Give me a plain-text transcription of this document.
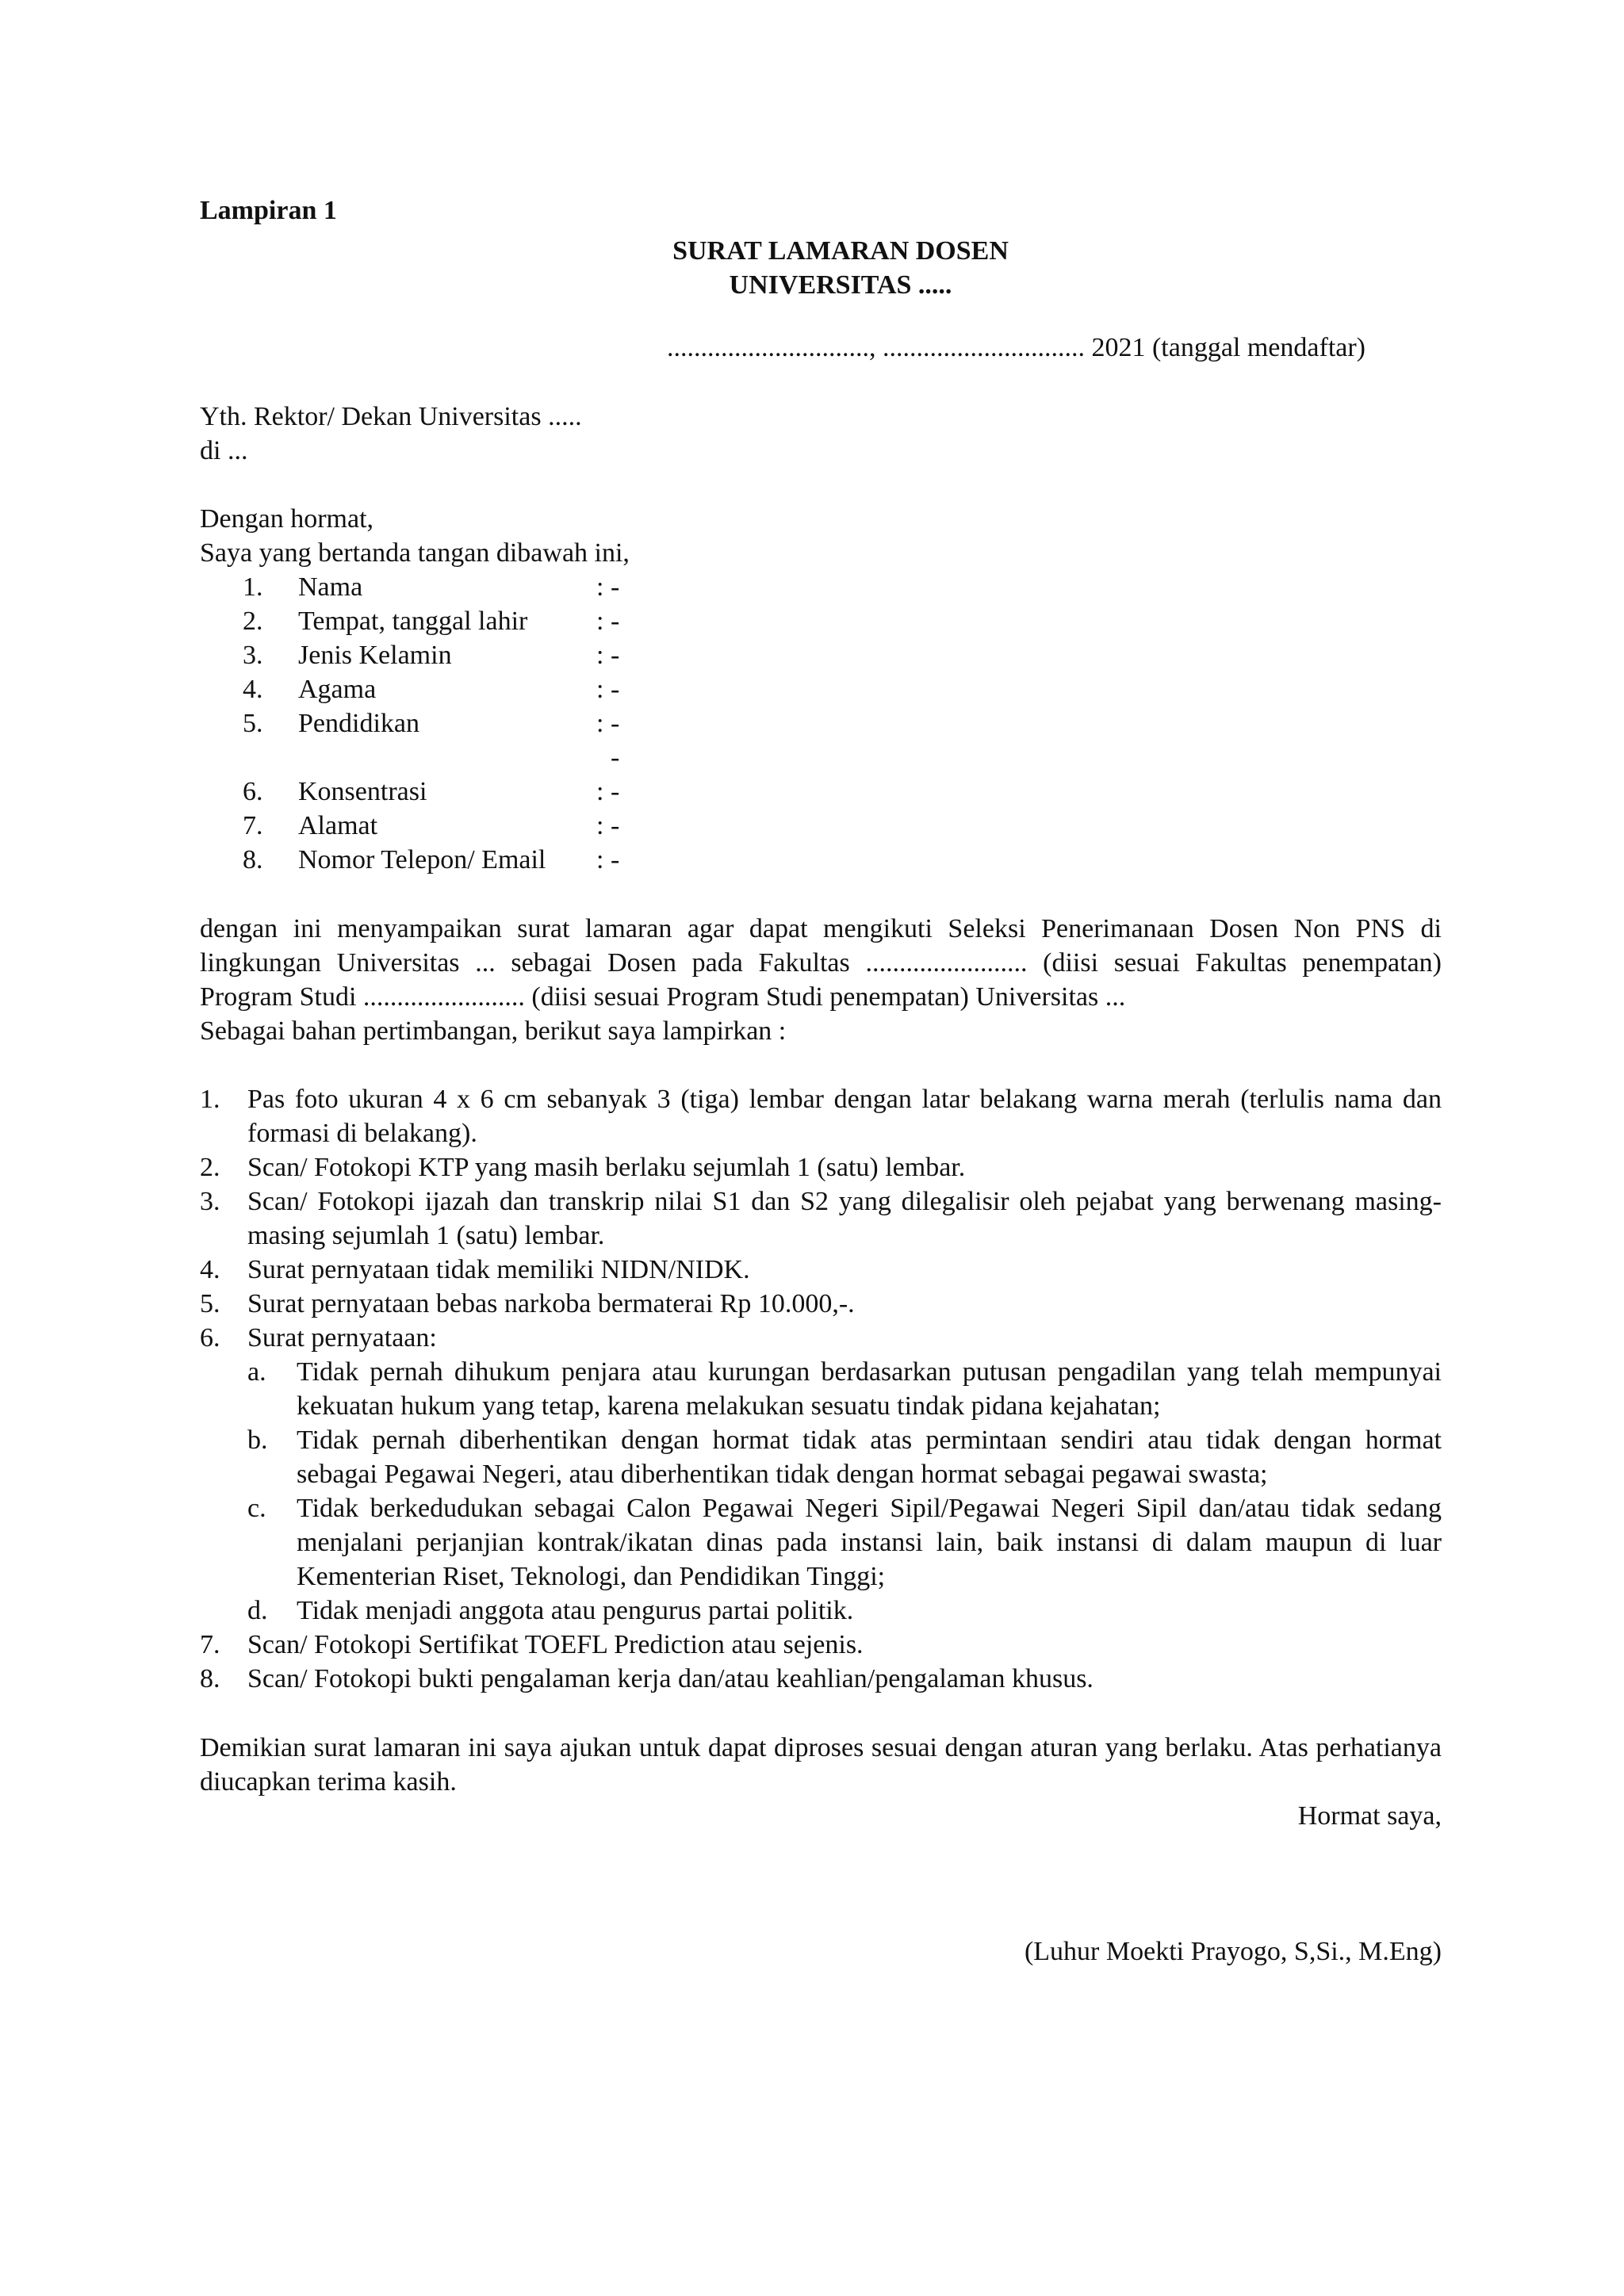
Lampiran 1
SURAT LAMARAN DOSEN
UNIVERSITAS .....
.............................., .............................. 2021 (tanggal mendaftar)
Yth. Rektor/ Dekan Universitas .....
di ...
Dengan hormat,
Saya yang bertanda tangan dibawah ini,
1.	Nama	: -
2.	Tempat, tanggal lahir	: -
3.	Jenis Kelamin	: -
4.	Agama	: -
5.	Pendidikan	: -
-
6.	Konsentrasi	: -
7.	Alamat	: -
8.	Nomor Telepon/ Email	: -
dengan ini menyampaikan surat lamaran agar dapat mengikuti Seleksi Penerimanaan Dosen Non PNS di lingkungan Universitas ... sebagai Dosen pada Fakultas ........................ (diisi sesuai Fakultas penempatan) Program Studi ........................ (diisi sesuai Program Studi penempatan) Universitas ...
Sebagai bahan pertimbangan, berikut saya lampirkan :
1.	Pas foto ukuran 4 x 6 cm sebanyak 3 (tiga) lembar dengan latar belakang warna merah (terlulis nama dan formasi di belakang).
2.	Scan/ Fotokopi KTP yang masih berlaku sejumlah 1 (satu) lembar.
3.	Scan/ Fotokopi ijazah dan transkrip nilai S1 dan S2 yang dilegalisir oleh pejabat yang berwenang masing-masing sejumlah 1 (satu) lembar.
4.	Surat pernyataan tidak memiliki NIDN/NIDK.
5.	Surat pernyataan bebas narkoba bermaterai Rp 10.000,-.
6.	Surat pernyataan:
a.	Tidak pernah dihukum penjara atau kurungan berdasarkan putusan pengadilan yang telah mempunyai kekuatan hukum yang tetap, karena melakukan sesuatu tindak pidana kejahatan;
b.	Tidak pernah diberhentikan dengan hormat tidak atas permintaan sendiri atau tidak dengan hormat sebagai Pegawai Negeri, atau diberhentikan tidak dengan hormat sebagai pegawai swasta;
c.	Tidak berkedudukan sebagai Calon Pegawai Negeri Sipil/Pegawai Negeri Sipil dan/atau tidak sedang menjalani perjanjian kontrak/ikatan dinas pada instansi lain, baik instansi di dalam maupun di luar Kementerian Riset, Teknologi, dan Pendidikan Tinggi;
d.	Tidak menjadi anggota atau pengurus partai politik.
7.	Scan/ Fotokopi Sertifikat TOEFL Prediction atau sejenis.
8.	Scan/ Fotokopi bukti pengalaman kerja dan/atau keahlian/pengalaman khusus.
Demikian surat lamaran ini saya ajukan untuk dapat diproses sesuai dengan aturan yang berlaku. Atas perhatianya diucapkan terima kasih.
Hormat saya,
(Luhur Moekti Prayogo, S,Si., M.Eng)
